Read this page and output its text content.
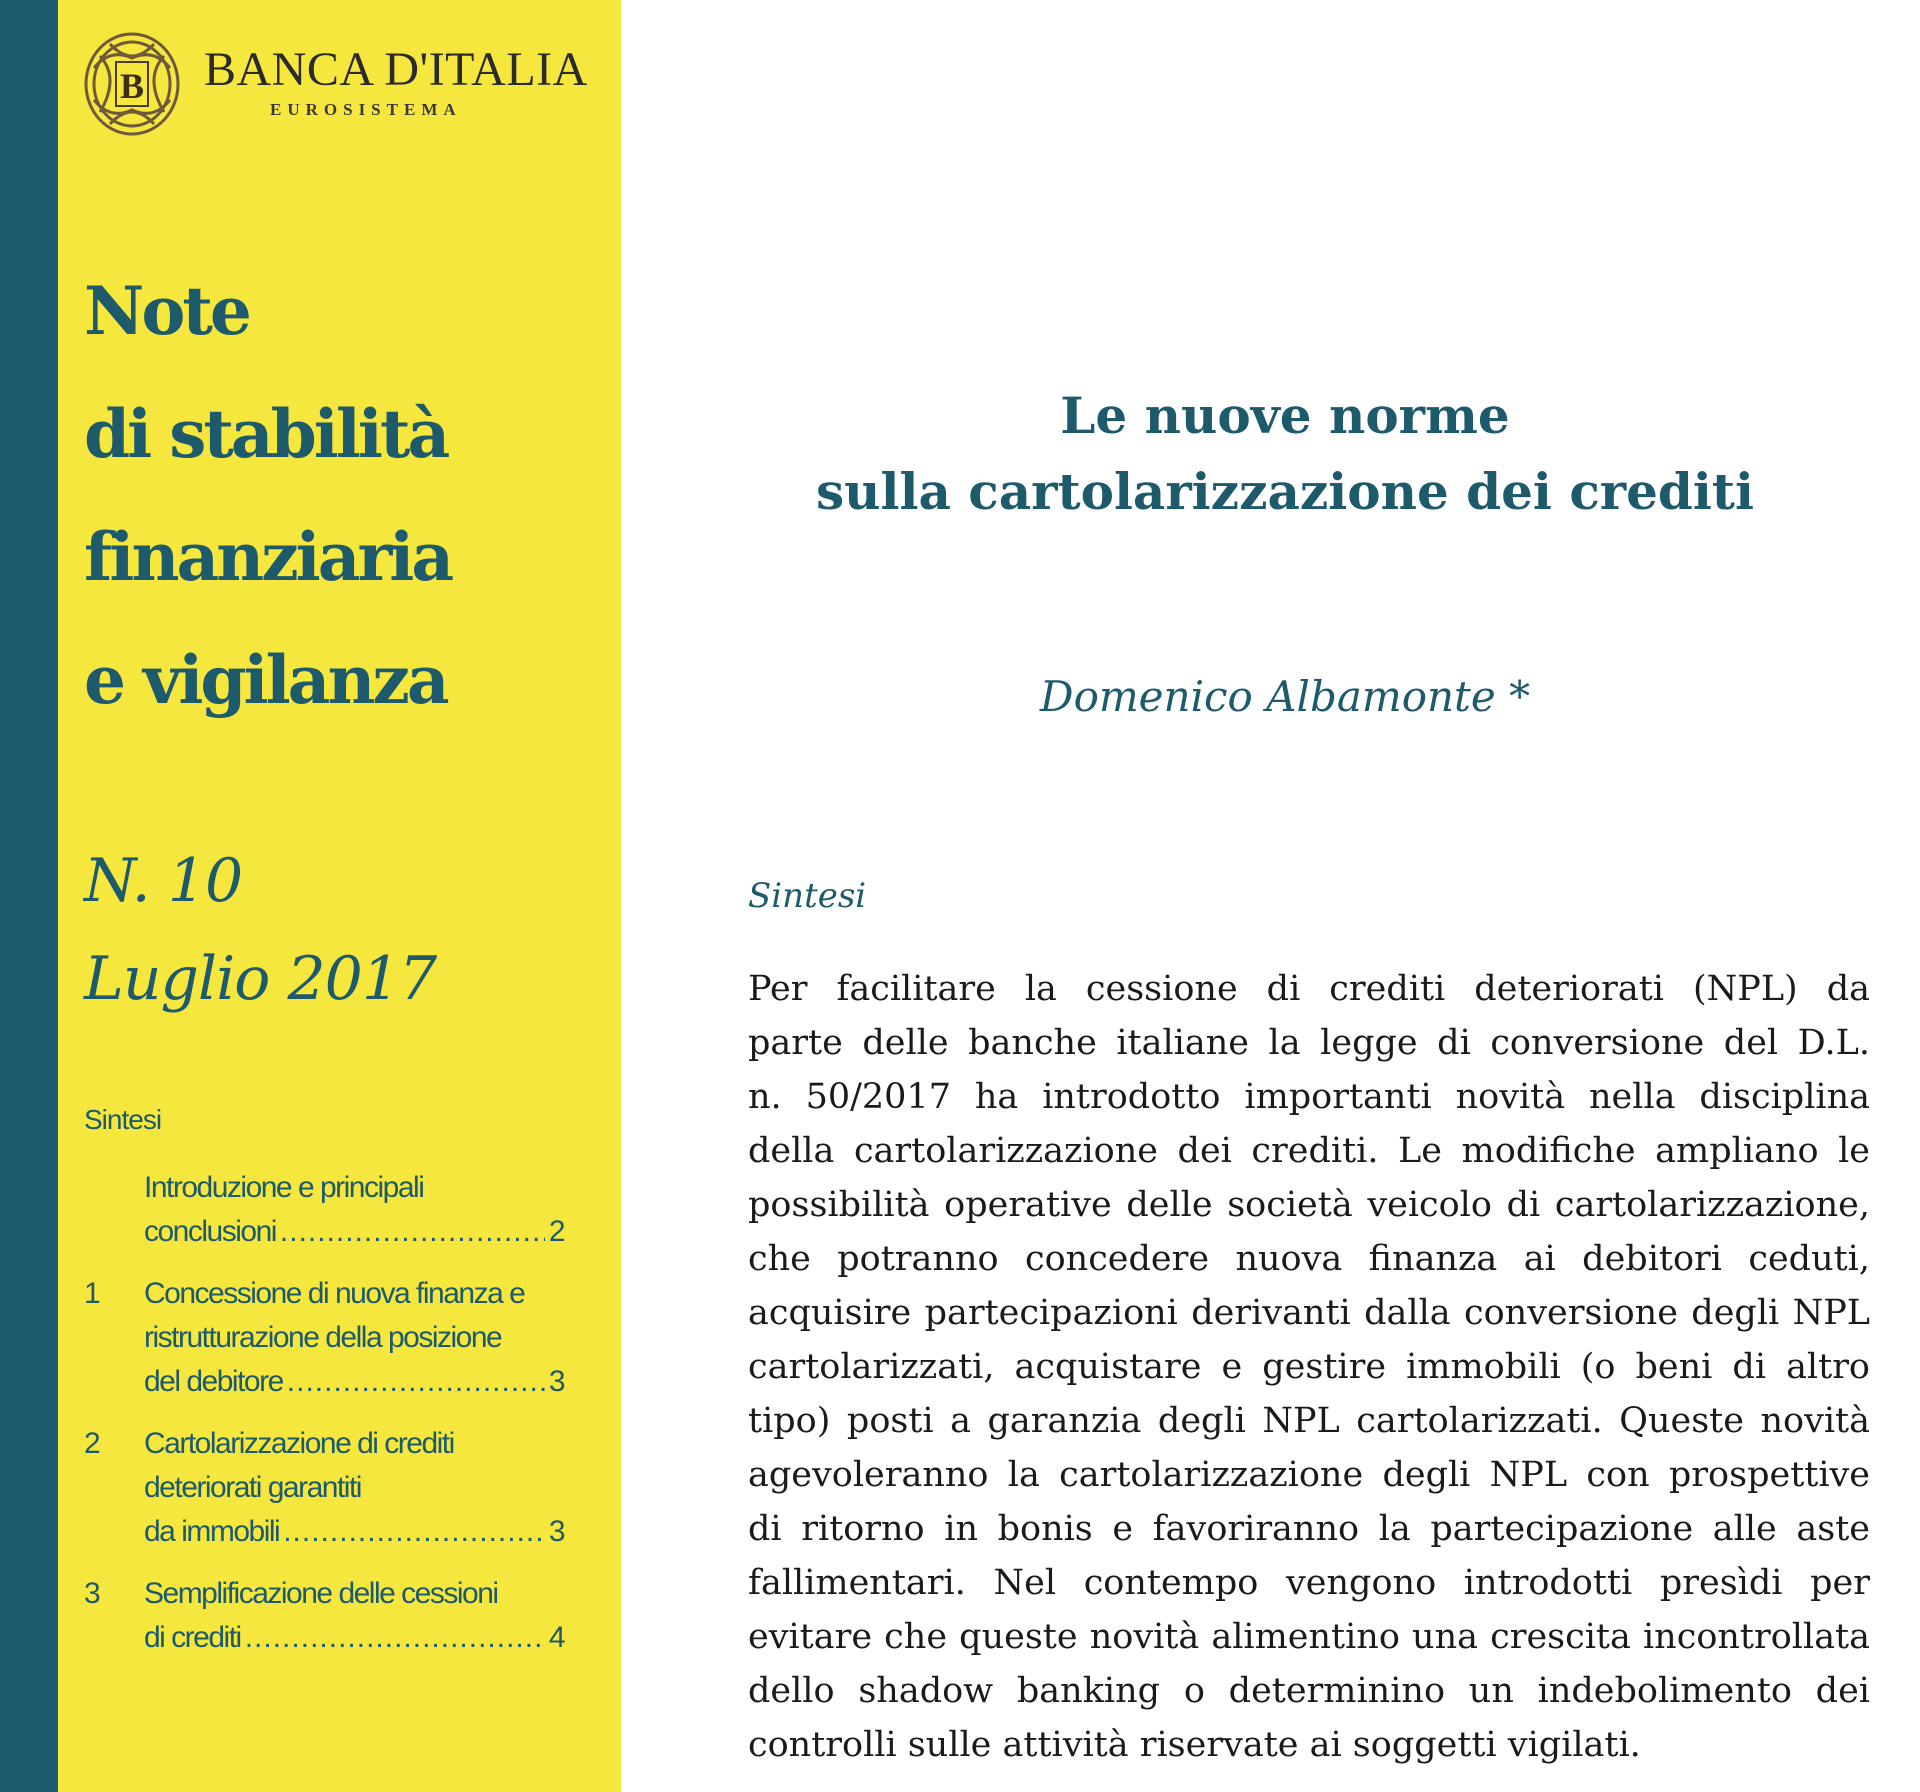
B BANCA D'ITALIA
EUROSISTEMA
Note
di stabilità
finanziaria
e vigilanza
N. 10
Luglio 2017
Sintesi
Introduzione e principali
conclusioni .....	2
1	Concessione di nuova finanza e
ristrutturazione della posizione
del debitore .....	3
2	Cartolarizzazione di crediti
deteriorati garantiti
da immobili .....	3
3	Semplificazione delle cessioni
di crediti .....	4
Le nuove norme
sulla cartolarizzazione dei crediti
Domenico Albamonte *
Sintesi
Per facilitare la cessione di crediti deteriorati (NPL) da
parte delle banche italiane la legge di conversione del D.L.
n. 50/2017 ha introdotto importanti novità nella disciplina
della cartolarizzazione dei crediti. Le modifiche ampliano le
possibilità operative delle società veicolo di cartolarizzazione,
che potranno concedere nuova finanza ai debitori ceduti,
acquisire partecipazioni derivanti dalla conversione degli NPL
cartolarizzati, acquistare e gestire immobili (o beni di altro
tipo) posti a garanzia degli NPL cartolarizzati. Queste novità
agevoleranno la cartolarizzazione degli NPL con prospettive
di ritorno in bonis e favoriranno la partecipazione alle aste
fallimentari. Nel contempo vengono introdotti presìdi per
evitare che queste novità alimentino una crescita incontrollata
dello shadow banking o determinino un indebolimento dei
controlli sulle attività riservate ai soggetti vigilati.
